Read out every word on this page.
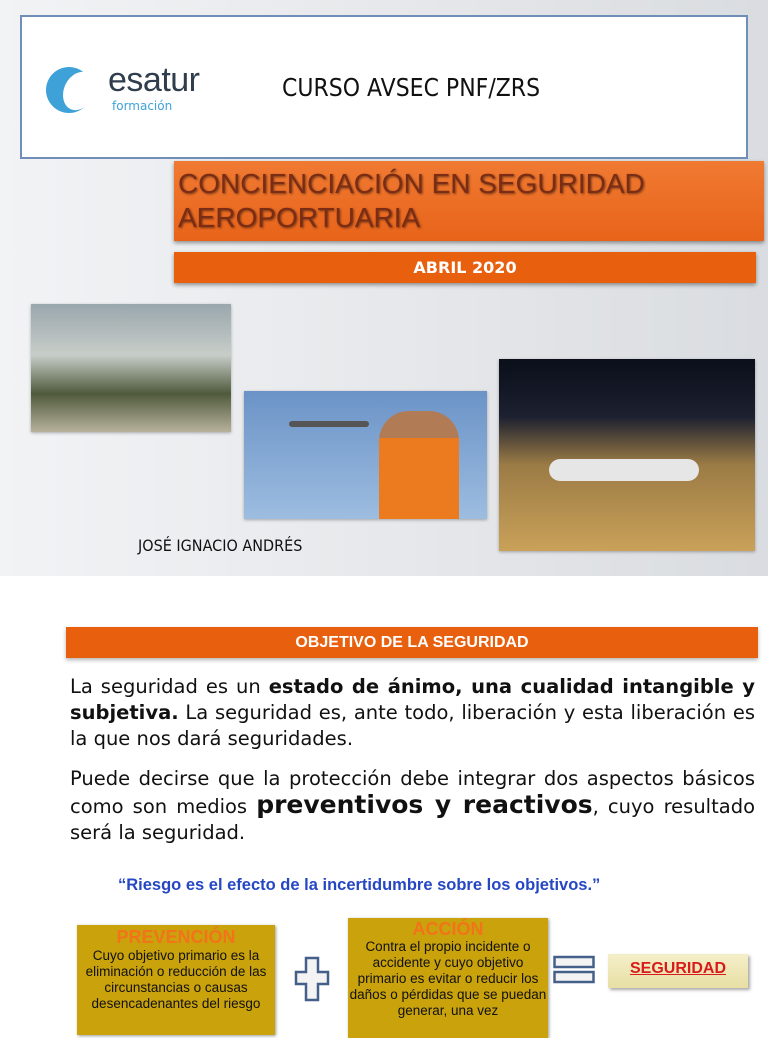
esatur
formación
CURSO AVSEC PNF/ZRS
CONCIENCIACIÓN EN SEGURIDAD AEROPORTUARIA
ABRIL 2020
JOSÉ IGNACIO ANDRÉS
OBJETIVO DE LA SEGURIDAD

La seguridad es un estado de ánimo, una cualidad intangible y subjetiva. La seguridad es, ante todo, liberación y esta liberación es la que nos dará seguridades.

Puede decirse que la protección debe integrar dos aspectos básicos como son medios preventivos y reactivos, cuyo resultado será la seguridad.

“Riesgo es el efecto de la incertidumbre sobre los objetivos.”
PREVENCIÓN
Cuyo objetivo primario es la eliminación o reducción de las circunstancias o causas desencadenantes del riesgo
ACCIÓN
Contra el propio incidente o accidente y cuyo objetivo primario es evitar o reducir los daños o pérdidas que se puedan generar, una vez
SEGURIDAD
